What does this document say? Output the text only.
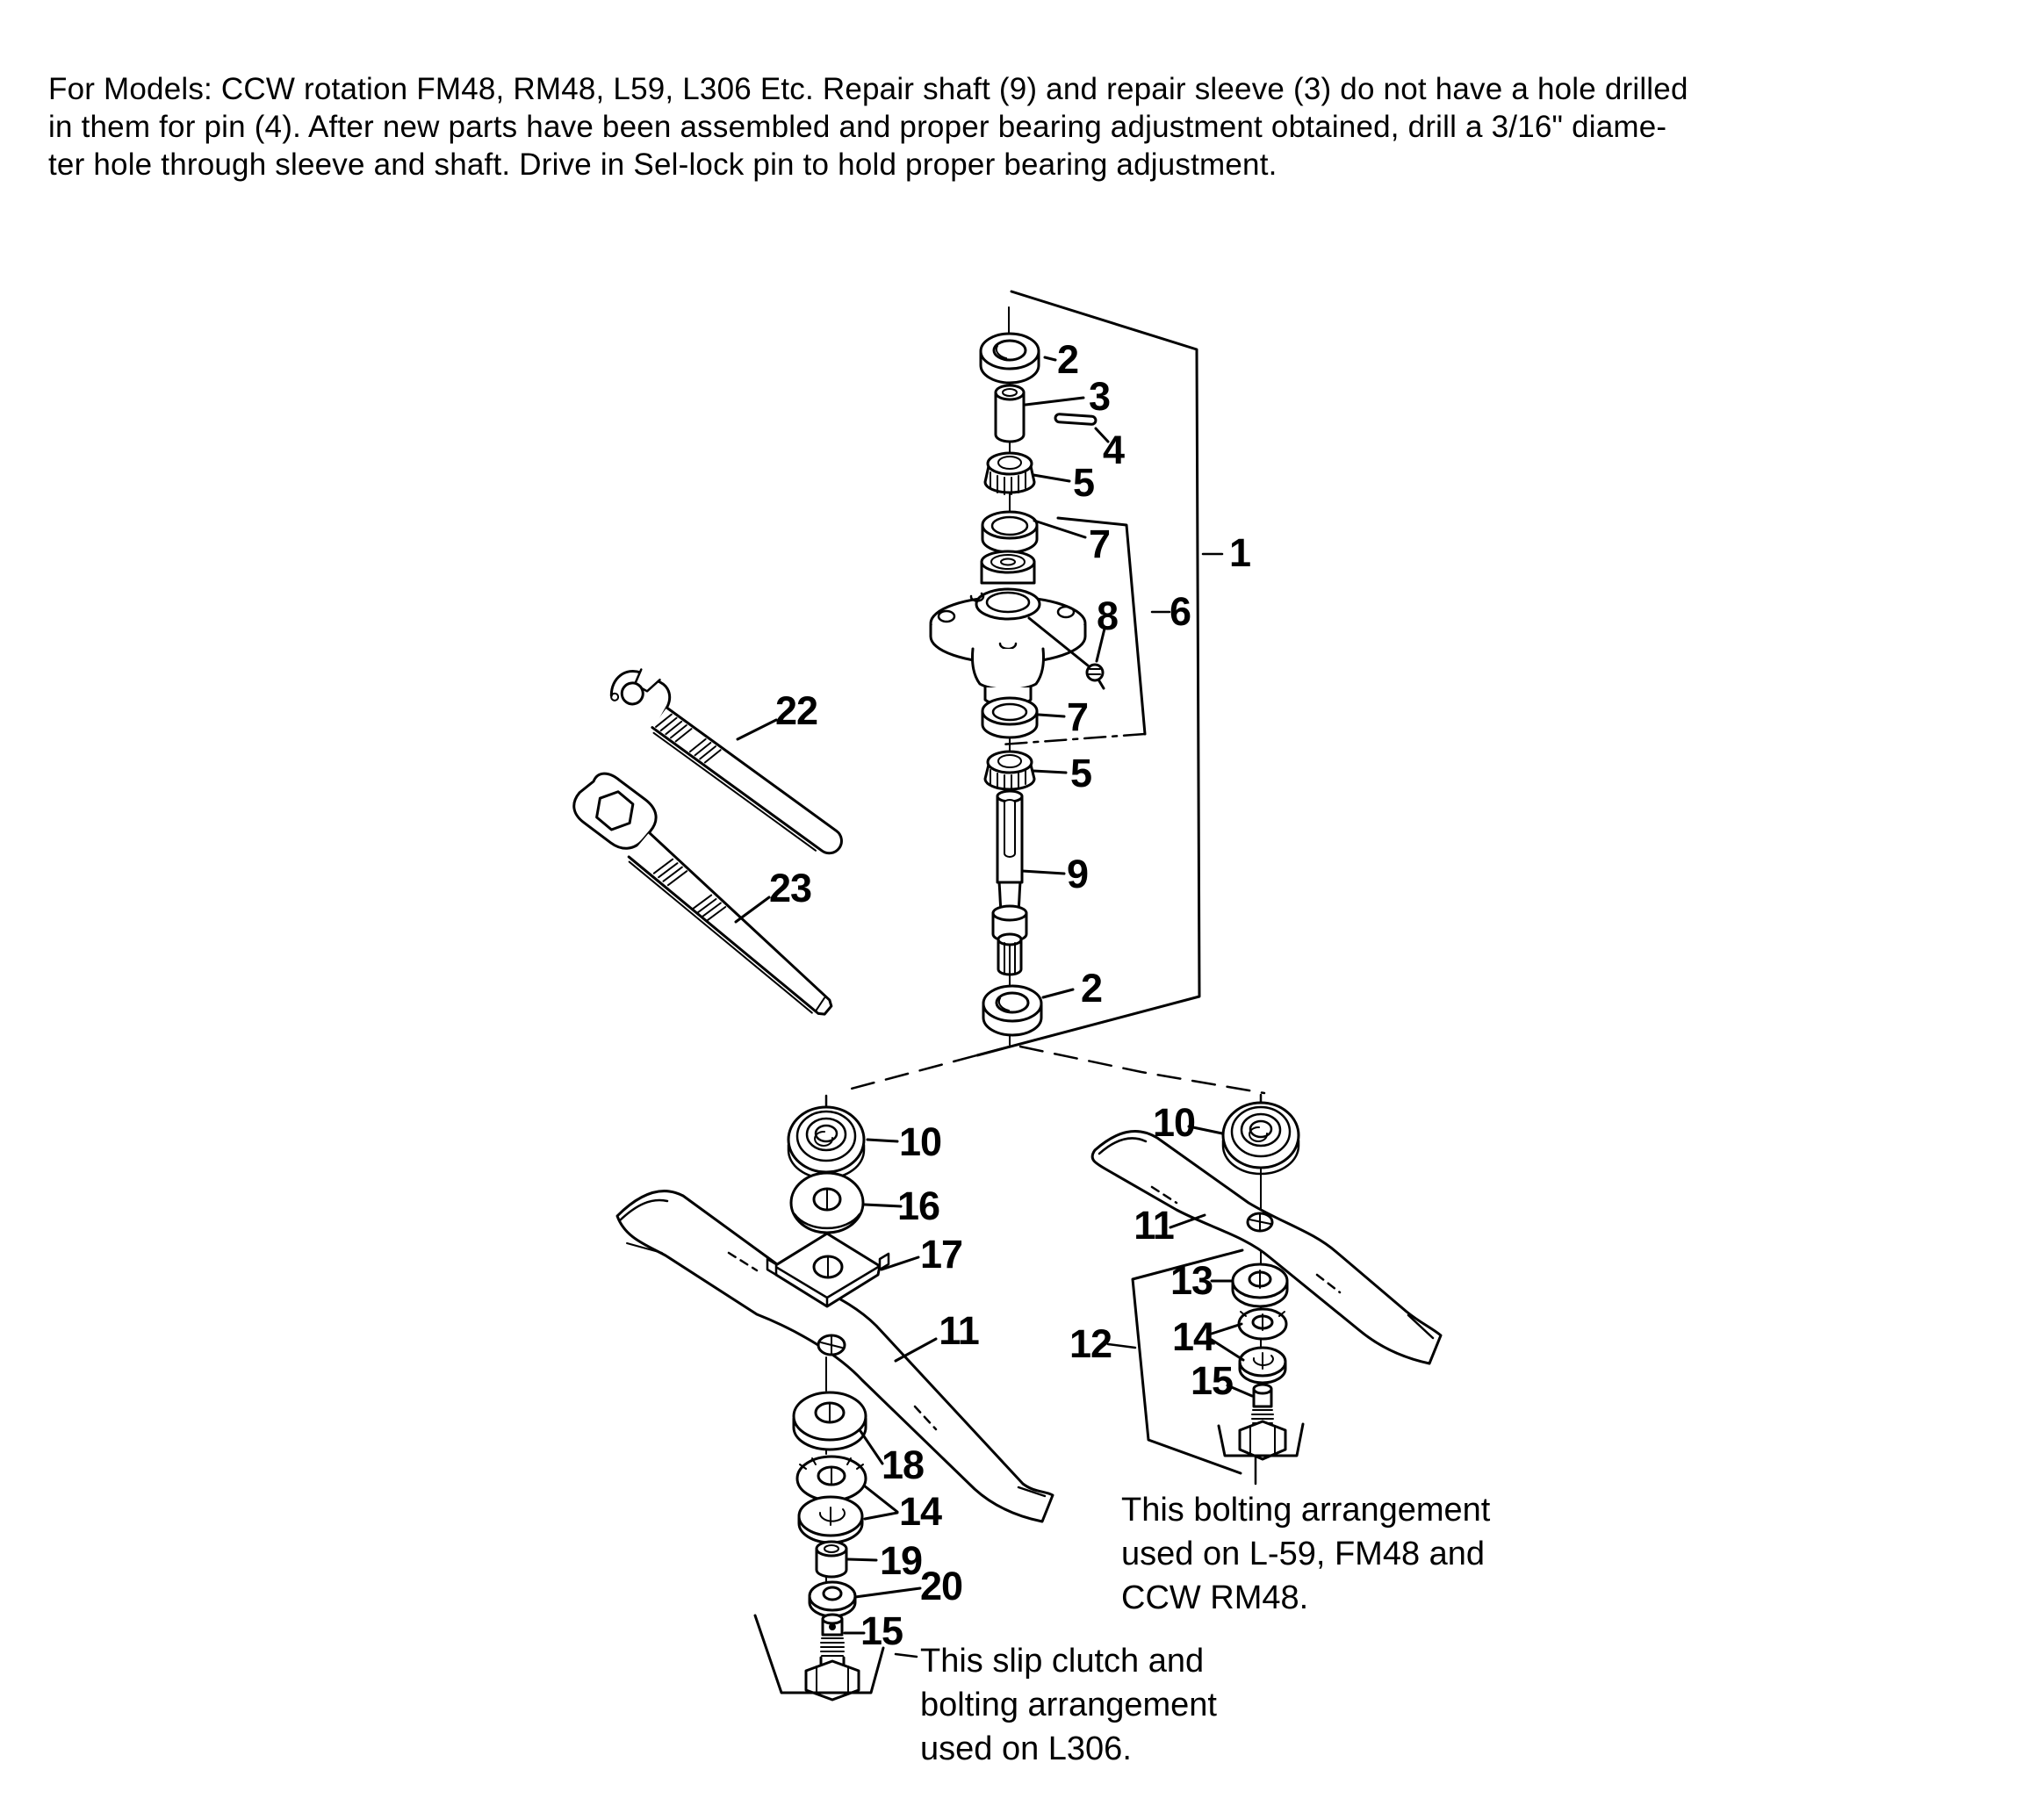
For Models: CCW rotation FM48, RM48, L59, L306 Etc. Repair shaft (9) and repair sleeve (3) do not have a hole drilled
in them for pin (4). After new parts have been assembled and proper bearing adjustment obtained, drill a 3/16" diame-
ter hole through sleeve and shaft. Drive in Sel-lock pin to hold proper bearing adjustment.
1
2
3
4
5
7
6
8
7
5
9
2
22
23
10
16
17
11
18
14
19
20
15
10
11
13
12 14
15
This bolting arrangement
used on L-59, FM48 and
CCW RM48.
This slip clutch and
bolting arrangement
used on L306.
